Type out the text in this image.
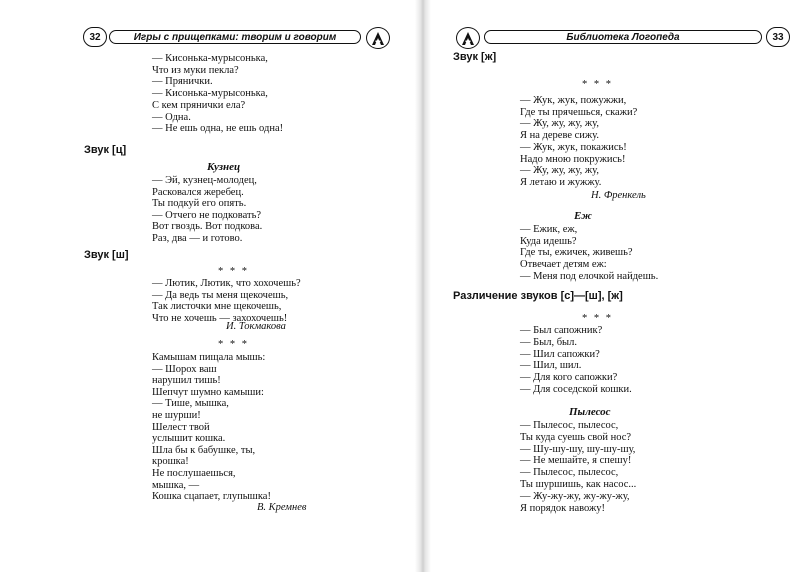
32	Игры с прищепками: творим и говорим
— Кисонька-мурысонька,
Что из муки пекла?
— Прянички.
— Кисонька-мурысонька,
С кем прянички ела?
— Одна.
— Не ешь одна, не ешь одна!
Звук [ц]
Кузнец
— Эй, кузнец-молодец,
Расковался жеребец.
Ты подкуй его опять.
— Отчего не подковать?
Вот гвоздь. Вот подкова.
Раз, два — и готово.
Звук [ш]
* * *
— Лютик, Лютик, что хохочешь?
— Да ведь ты меня щекочешь,
Так листочки мне щекочешь,
Что не хочешь — захохочешь!
И. Токмакова
* * *
Камышам пищала мышь:
— Шорох ваш
нарушил тишь!
Шепчут шумно камыши:
— Тише, мышка,
не шурши!
Шелест твой
услышит кошка.
Шла бы к бабушке, ты,
крошка!
Не послушаешься,
мышка, —
Кошка сцапает, глупышка!
В. Кремнев
Библиотека Логопеда	33
Звук [ж]
* * *
— Жук, жук, пожужжи,
Где ты прячешься, скажи?
— Жу, жу, жу, жу,
Я на дереве сижу.
— Жук, жук, покажись!
Надо мною покружись!
— Жу, жу, жу, жу,
Я летаю и жужжу.
Н. Френкель
Еж
— Ежик, еж,
Куда идешь?
Где ты, ежичек, живешь?
Отвечает детям еж:
— Меня под елочкой найдешь.
Различение звуков [с]—[ш], [ж]
* * *
— Был сапожник?
— Был, был.
— Шил сапожки?
— Шил, шил.
— Для кого сапожки?
— Для соседской кошки.
Пылесос
— Пылесос, пылесос,
Ты куда суешь свой нос?
— Шу-шу-шу, шу-шу-шу,
— Не мешайте, я спешу!
— Пылесос, пылесос,
Ты шуршишь, как насос...
— Жу-жу-жу, жу-жу-жу,
Я порядок навожу!
